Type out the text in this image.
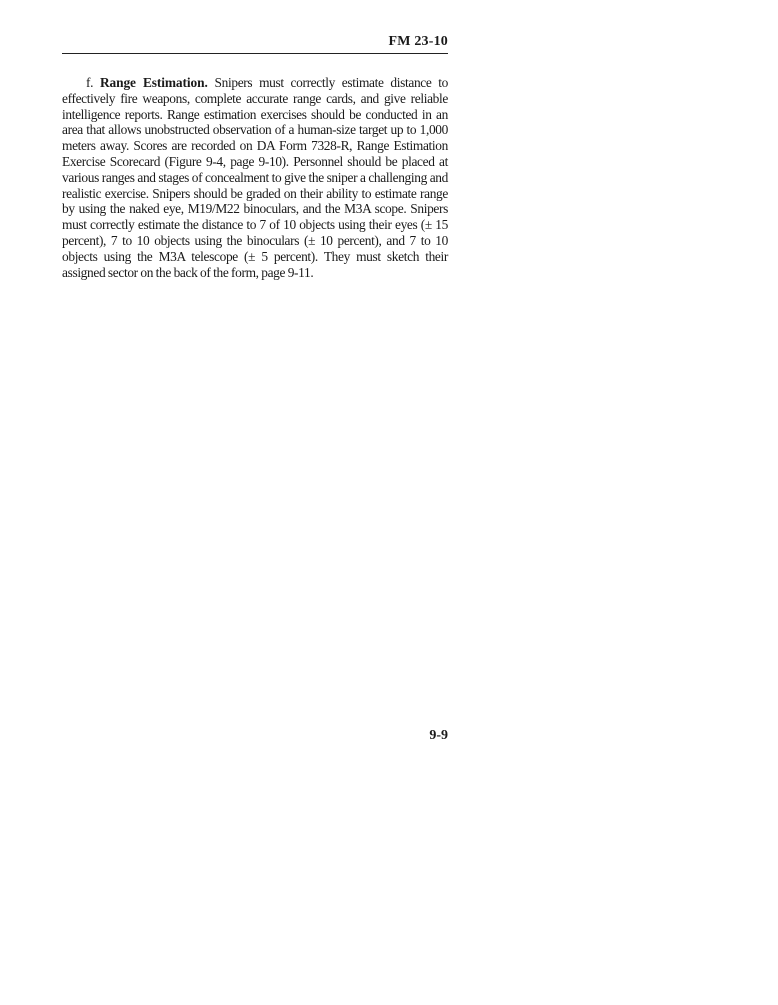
FM 23-10

f. Range Estimation. Snipers must correctly estimate distance to effectively fire weapons, complete accurate range cards, and give reliable intelligence reports. Range estimation exercises should be conducted in an area that allows unobstructed observation of a human-size target up to 1,000 meters away. Scores are recorded on DA Form 7328-R, Range Estimation Exercise Scorecard (Figure 9-4, page 9-10). Personnel should be placed at various ranges and stages of concealment to give the sniper a challenging and realistic exercise. Snipers should be graded on their ability to estimate range by using the naked eye, M19/M22 binoculars, and the M3A scope. Snipers must correctly estimate the distance to 7 of 10 objects using their eyes (± 15 percent), 7 to 10 objects using the binoculars (± 10 percent), and 7 to 10 objects using the M3A telescope (± 5 percent). They must sketch their assigned sector on the back of the form, page 9-11.

9-9
